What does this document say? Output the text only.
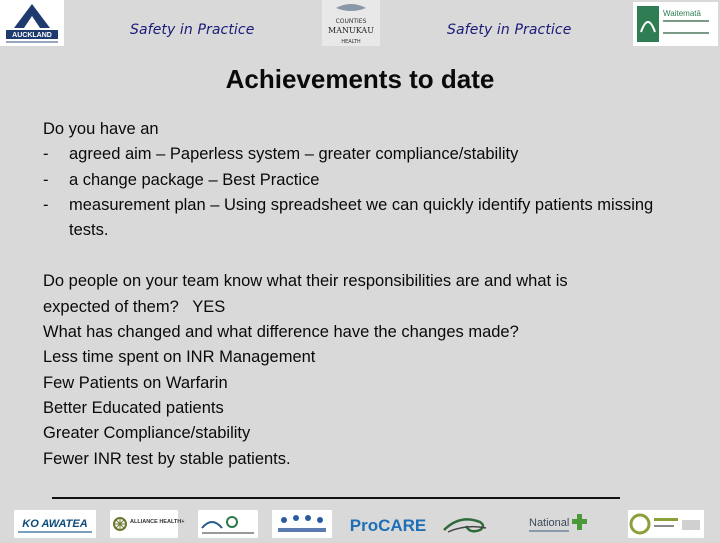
AUCKLAND	Safety in Practice
COUNTIES
MANUKAU
HEALTH
Safety in Practice
Waitematā
Achievements to date
Do you have an
-	agreed aim – Paperless system – greater compliance/stability
-	a change package – Best Practice
-	measurement plan – Using spreadsheet we can quickly identify patients missing tests.
Do people on your team know what their responsibilities are and what is
expected of them?   YES
What has changed and what difference have the changes made?
Less time spent on INR Management
Few Patients on Warfarin
Better Educated patients
Greater Compliance/stability
Fewer INR test by stable patients.
KO AWATEA	ALLIANCE HEALTH+	ProCARE	National
